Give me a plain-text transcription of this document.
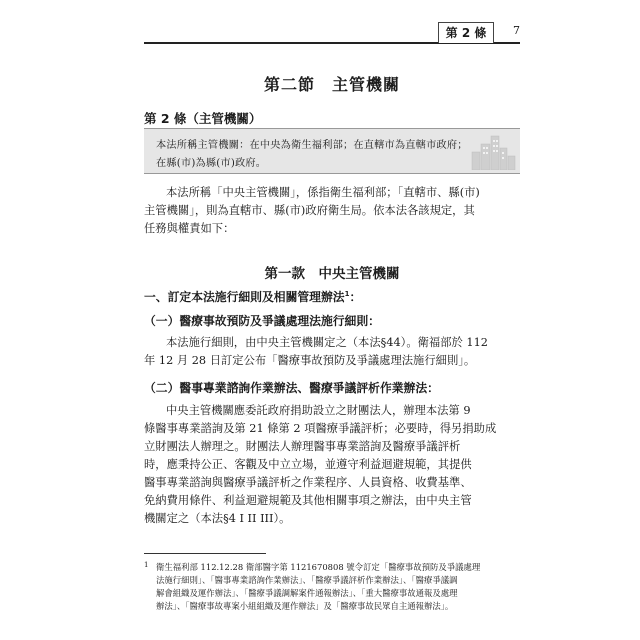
第 2 條	7
第二節　主管機關
第 2 條（主管機關）
本法所稱主管機關：在中央為衛生福利部；在直轄市為直轄市政府；
在縣(市)為縣(市)政府。
本法所稱「中央主管機關」，係指衛生福利部；「直轄市、縣(市)
主管機關」，則為直轄市、縣(市)政府衛生局。依本法各該規定，其
任務與權責如下：
第一款　中央主管機關
一、訂定本法施行細則及相關管理辦法$^1$：
（一）醫療事故預防及爭議處理法施行細則：
本法施行細則，由中央主管機關定之（本法§44）。衛福部於 112
年 12 月 28 日訂定公布「醫療事故預防及爭議處理法施行細則」。
（二）醫事專業諮詢作業辦法、醫療爭議評析作業辦法：
中央主管機關應委託政府捐助設立之財團法人，辦理本法第 9
條醫事專業諮詢及第 21 條第 2 項醫療爭議評析；必要時，得另捐助成
立財團法人辦理之。財團法人辦理醫事專業諮詢及醫療爭議評析
時，應秉持公正、客觀及中立立場，並遵守利益迴避規範，其提供
醫事專業諮詢與醫療爭議評析之作業程序、人員資格、收費基準、
免納費用條件、利益迴避規範及其他相關事項之辦法，由中央主管
機關定之（本法§4 I II III）。
1 衛生福利部 112.12.28 衛部醫字第 1121670808 號令訂定「醫療事故預防及爭議處理
法施行細則」、「醫事專業諮詢作業辦法」、「醫療爭議評析作業辦法」、「醫療爭議調
解會組織及運作辦法」、「醫療爭議調解案件通報辦法」、「重大醫療事故通報及處理
辦法」、「醫療事故專案小組組織及運作辦法」及「醫療事故民眾自主通報辦法」。
